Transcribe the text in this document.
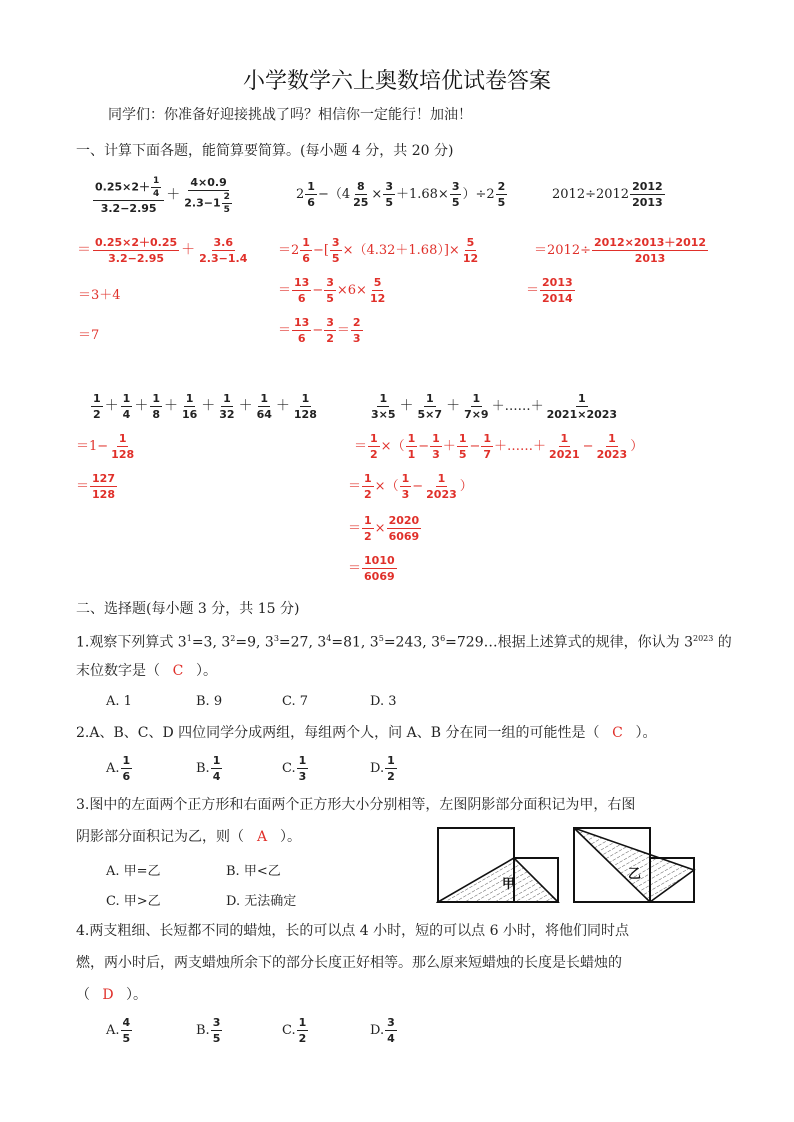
小学数学六上奥数培优试卷答案
同学们：你准备好迎接挑战了吗？相信你一定能行！加油！
一、计算下面各题，能简算要简算。(每小题 4 分，共 20 分)
$\frac{0.25\times 2+ \frac{1}{4}}{3.2-2.95} + \frac{4\times 0.9}{2.3-1 \frac{2}{5}}$
＝ $\frac{0.25\times 2+0.25}{3.2-2.95} + \frac{3.6}{2.3-1.4}$
＝3＋4
＝7
$2 \frac{1}{6} -(4 \frac{8}{25} \times \frac{3}{5} +1.68\times \frac{3}{5} )\div 2 \frac{2}{5}$
$=2 \frac{1}{6}$ −[ $\frac{3}{5} \times(4.32+1.68)]\times \frac{5}{12}$
＝ $\frac{13}{6} - \frac{3}{5} \times 6\times \frac{5}{12}$
＝ $\frac{13}{6} - \frac{3}{2} = \frac{2}{3}$
$2012\div 2012 \frac{2012}{2013}$
$=2012\div \frac{2012\times 2013+2012}{2013}$
＝ $\frac{2013}{2014}$
$\frac{1}{2} + \frac{1}{4} + \frac{1}{8} + \frac{1}{16} + \frac{1}{32} + \frac{1}{64} + \frac{1}{128}$
$=1- \frac{1}{128}$
＝ $\frac{127}{128}$
$\frac{1}{3\times 5} + \frac{1}{5\times 7} + \frac{1}{7\times 9}$ ＋……＋ $\frac{1}{2021\times 2023}$
＝ $\frac{1}{2}$ ×（ $\frac{1}{1} - \frac{1}{3} + \frac{1}{5} - \frac{1}{7}$ ＋……＋ $\frac{1}{2021} - \frac{1}{2023}$ ）
＝ $\frac{1}{2}$ ×（ $\frac{1}{3} - \frac{1}{2023}$ ）
＝ $\frac{1}{2} \times \frac{2020}{6069}$
＝ $\frac{1010}{6069}$
二、选择题(每小题 3 分，共 15 分)
1.观察下列算式 $3^1=3$, $3^2=9$, $3^3=27$, $3^4=81$, $3^5=243$, $3^6=729\dots$根据上述算式的规律，你认为 $3^{2023}$ 的
末位数字是（ C ）。
A. 1	B. 9	C. 7	D. 3
2.A、B、C、D 四位同学分成两组，每组两个人，问 A、B 分在同一组的可能性是（ C ）。
A. $\frac{1}{6}$	B. $\frac{1}{4}$	C. $\frac{1}{3}$	D. $\frac{1}{2}$
3.图中的左面两个正方形和右面两个正方形大小分别相等，左图阴影部分面积记为甲，右图
阴影部分面积记为乙，则（ A ）。
A. 甲=乙	B. 甲<乙
C. 甲>乙	D. 无法确定
甲
乙
4.两支粗细、长短都不同的蜡烛，长的可以点 4 小时，短的可以点 6 小时，将他们同时点
燃，两小时后，两支蜡烛所余下的部分长度正好相等。那么原来短蜡烛的长度是长蜡烛的
（ D ）。
A. $\frac{4}{5}$	B. $\frac{3}{5}$	C. $\frac{1}{2}$	D. $\frac{3}{4}$
